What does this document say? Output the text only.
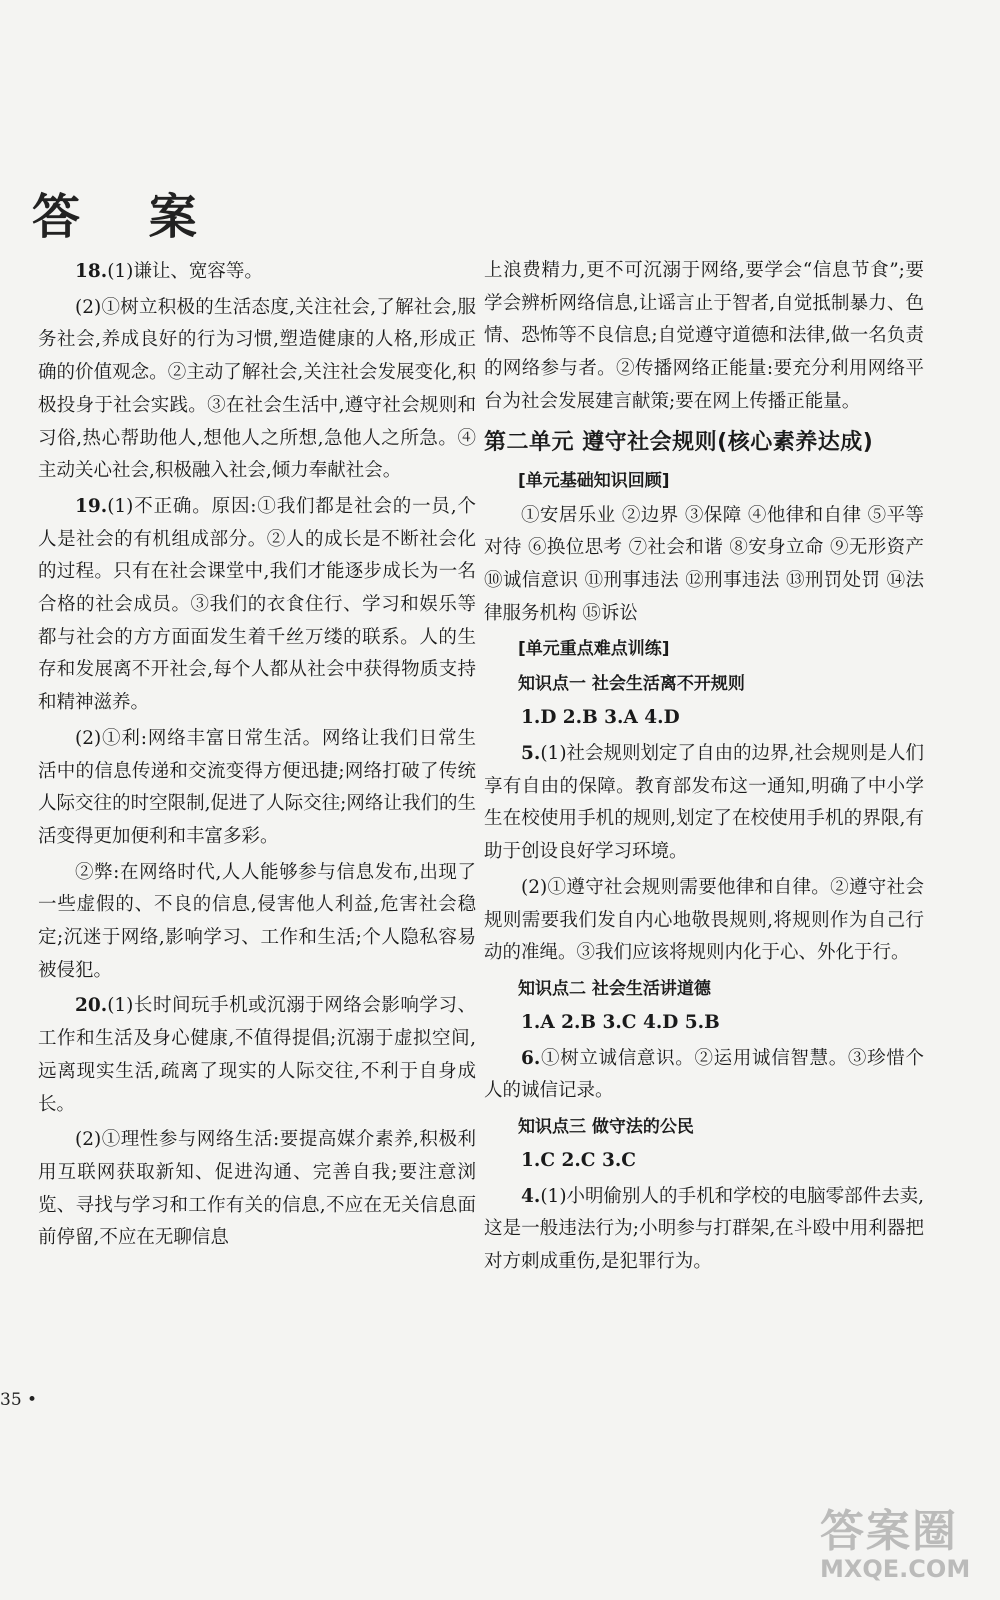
答 案

18.(1)谦让、宽容等。

(2)①树立积极的生活态度,关注社会,了解社会,服务社会,养成良好的行为习惯,塑造健康的人格,形成正确的价值观念。②主动了解社会,关注社会发展变化,积极投身于社会实践。③在社会生活中,遵守社会规则和习俗,热心帮助他人,想他人之所想,急他人之所急。④主动关心社会,积极融入社会,倾力奉献社会。

19.(1)不正确。原因:①我们都是社会的一员,个人是社会的有机组成部分。②人的成长是不断社会化的过程。只有在社会课堂中,我们才能逐步成长为一名合格的社会成员。③我们的衣食住行、学习和娱乐等都与社会的方方面面发生着千丝万缕的联系。人的生存和发展离不开社会,每个人都从社会中获得物质支持和精神滋养。

(2)①利:网络丰富日常生活。网络让我们日常生活中的信息传递和交流变得方便迅捷;网络打破了传统人际交往的时空限制,促进了人际交往;网络让我们的生活变得更加便利和丰富多彩。

②弊:在网络时代,人人能够参与信息发布,出现了一些虚假的、不良的信息,侵害他人利益,危害社会稳定;沉迷于网络,影响学习、工作和生活;个人隐私容易被侵犯。

20.(1)长时间玩手机或沉溺于网络会影响学习、工作和生活及身心健康,不值得提倡;沉溺于虚拟空间,远离现实生活,疏离了现实的人际交往,不利于自身成长。

(2)①理性参与网络生活:要提高媒介素养,积极利用互联网获取新知、促进沟通、完善自我;要注意浏览、寻找与学习和工作有关的信息,不应在无关信息面前停留,不应在无聊信息

上浪费精力,更不可沉溺于网络,要学会“信息节食”;要学会辨析网络信息,让谣言止于智者,自觉抵制暴力、色情、恐怖等不良信息;自觉遵守道德和法律,做一名负责的网络参与者。②传播网络正能量:要充分利用网络平台为社会发展建言献策;要在网上传播正能量。

第二单元 遵守社会规则(核心素养达成)
[单元基础知识回顾]

①安居乐业 ②边界 ③保障 ④他律和自律 ⑤平等对待 ⑥换位思考 ⑦社会和谐 ⑧安身立命 ⑨无形资产 ⑩诚信意识 ⑪刑事违法 ⑫刑事违法 ⑬刑罚处罚 ⑭法律服务机构 ⑮诉讼

[单元重点难点训练]
知识点一 社会生活离不开规则

1.D 2.B 3.A 4.D

5.(1)社会规则划定了自由的边界,社会规则是人们享有自由的保障。教育部发布这一通知,明确了中小学生在校使用手机的规则,划定了在校使用手机的界限,有助于创设良好学习环境。

(2)①遵守社会规则需要他律和自律。②遵守社会规则需要我们发自内心地敬畏规则,将规则作为自己行动的准绳。③我们应该将规则内化于心、外化于行。

知识点二 社会生活讲道德

1.A 2.B 3.C 4.D 5.B

6.①树立诚信意识。②运用诚信智慧。③珍惜个人的诚信记录。

知识点三 做守法的公民

1.C 2.C 3.C

4.(1)小明偷别人的手机和学校的电脑零部件去卖,这是一般违法行为;小明参与打群架,在斗殴中用利器把对方刺成重伤,是犯罪行为。

35 •
答案圈
MXQE.COM
